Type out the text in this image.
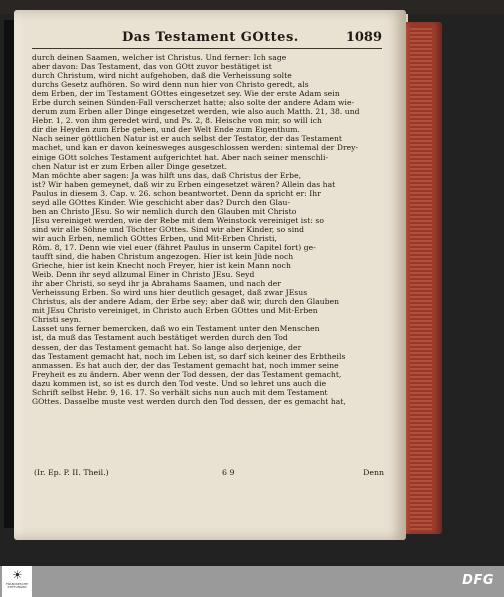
Das Testament GOttes.	1089
durch deinen Saamen, welcher ist Christus. Und ferner: Ich sage
aber davon: Das Testament, das von GOtt zuvor bestätiget ist
durch Christum, wird nicht aufgehoben, daß die Verheissung solte
durchs Gesetz aufhören. So wird denn nun hier von Christo geredt, als
dem Erben, der im Testament GOttes eingesetzet sey. Wie der erste Adam sein
Erbe durch seinen Sünden-Fall verscherzet hatte; also solte der andere Adam wie-
derum zum Erben aller Dinge eingesetzet werden, wie also auch Matth. 21, 38. und
Hebr. 1, 2. von ihm geredet wird, und Ps. 2, 8. Heische von mir, so will ich
dir die Heyden zum Erbe geben, und der Welt Ende zum Eigenthum.
Nach seiner göttlichen Natur ist er auch selbst der Testator, der das Testament
machet, und kan er davon keinesweges ausgeschlossen werden: sintemal der Drey-
einige GOtt solches Testament aufgerichtet hat. Aber nach seiner menschli-
chen Natur ist er zum Erben aller Dinge gesetzet.
Man möchte aber sagen: Ja was hilft uns das, daß Christus der Erbe,
ist? Wir haben gemeynet, daß wir zu Erben eingesetzet wären? Allein das hat
Paulus in diesem 3. Cap. v. 26. schon beantwortet. Denn da spricht er: Ihr
seyd alle GOttes Kinder. Wie geschicht aber das? Durch den Glau-
ben an Christo JEsu. So wir nemlich durch den Glauben mit Christo
JEsu vereiniget werden, wie der Rebe mit dem Weinstock vereiniget ist: so
sind wir alle Söhne und Töchter GOttes. Sind wir aber Kinder, so sind
wir auch Erben, nemlich GOttes Erben, und Mit-Erben Christi,
Röm. 8, 17. Denn wie viel euer (fähret Paulus in unserm Capitel fort) ge-
taufft sind, die haben Christum angezogen. Hier ist kein Jüde noch
Grieche, hier ist kein Knecht noch Freyer, hier ist kein Mann noch
Weib. Denn ihr seyd allzumal Einer in Christo JEsu. Seyd
ihr aber Christi, so seyd ihr ja Abrahams Saamen, und nach der
Verheissung Erben. So wird uns hier deutlich gesaget, daß zwar JEsus
Christus, als der andere Adam, der Erbe sey; aber daß wir, durch den Glauben
mit JEsu Christo vereiniget, in Christo auch Erben GOttes und Mit-Erben
Christi seyn.
Lasset uns ferner bemercken, daß wo ein Testament unter den Menschen
ist, da muß das Testament auch bestätiget werden durch den Tod
dessen, der das Testament gemacht hat. So lange also derjenige, der
das Testament gemacht hat, noch im Leben ist, so darf sich keiner des Erbtheils
anmassen. Es hat auch der, der das Testament gemacht hat, noch immer seine
Freyheit es zu ändern. Aber wenn der Tod dessen, der das Testament gemacht,
dazu kommen ist, so ist es durch den Tod veste. Und so lehret uns auch die
Schrift selbst Hebr. 9, 16. 17. So verhält sichs nun auch mit dem Testament
GOttes. Dasselbe muste vest werden durch den Tod dessen, der es gemacht hat,
(Ir. Ep. P. II. Theil.)	6 9	Denn
☀
FRANCKESCHE STIFTUNGEN	DFG
